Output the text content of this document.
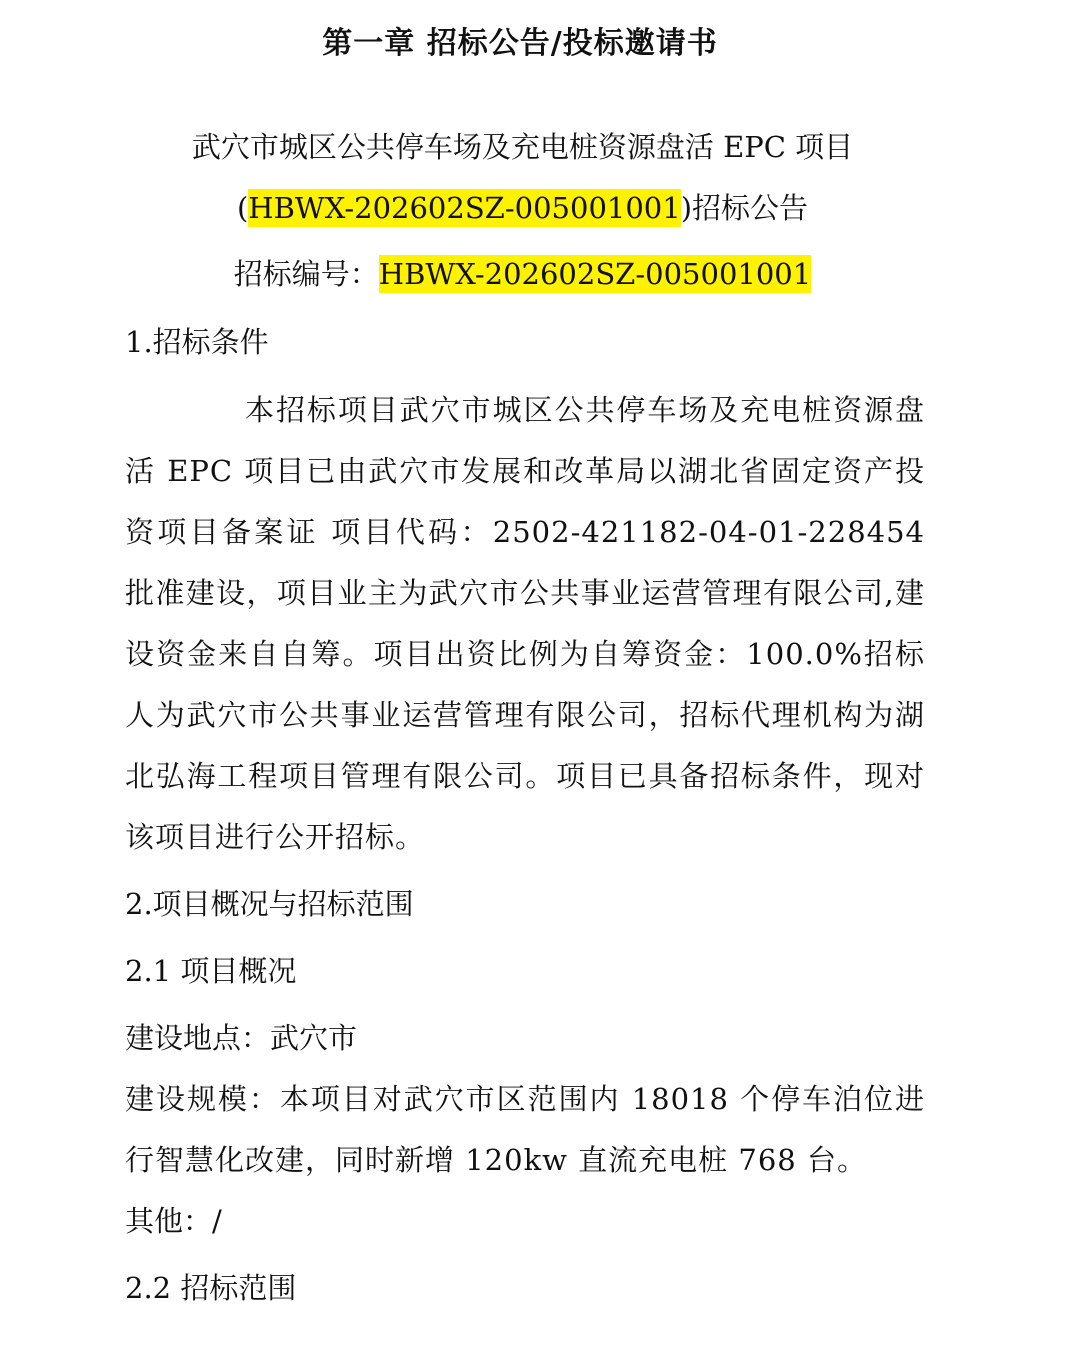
第一章 招标公告/投标邀请书
武穴市城区公共停车场及充电桩资源盘活 EPC 项目
(HBWX-202602SZ-005001001)招标公告
招标编号：HBWX-202602SZ-005001001
1.招标条件
本招标项目武穴市城区公共停车场及充电桩资源盘活 EPC 项目已由武穴市发展和改革局以湖北省固定资产投资项目备案证 项目代码：2502-421182-04-01-228454 批准建设，项目业主为武穴市公共事业运营管理有限公司,建设资金来自自筹。项目出资比例为自筹资金：100.0%招标人为武穴市公共事业运营管理有限公司，招标代理机构为湖北弘海工程项目管理有限公司。项目已具备招标条件，现对该项目进行公开招标。
2.项目概况与招标范围
2.1 项目概况
建设地点：武穴市
建设规模：本项目对武穴市区范围内 18018 个停车泊位进行智慧化改建，同时新增 120kw 直流充电桩 768 台。
其他：/
2.2 招标范围
